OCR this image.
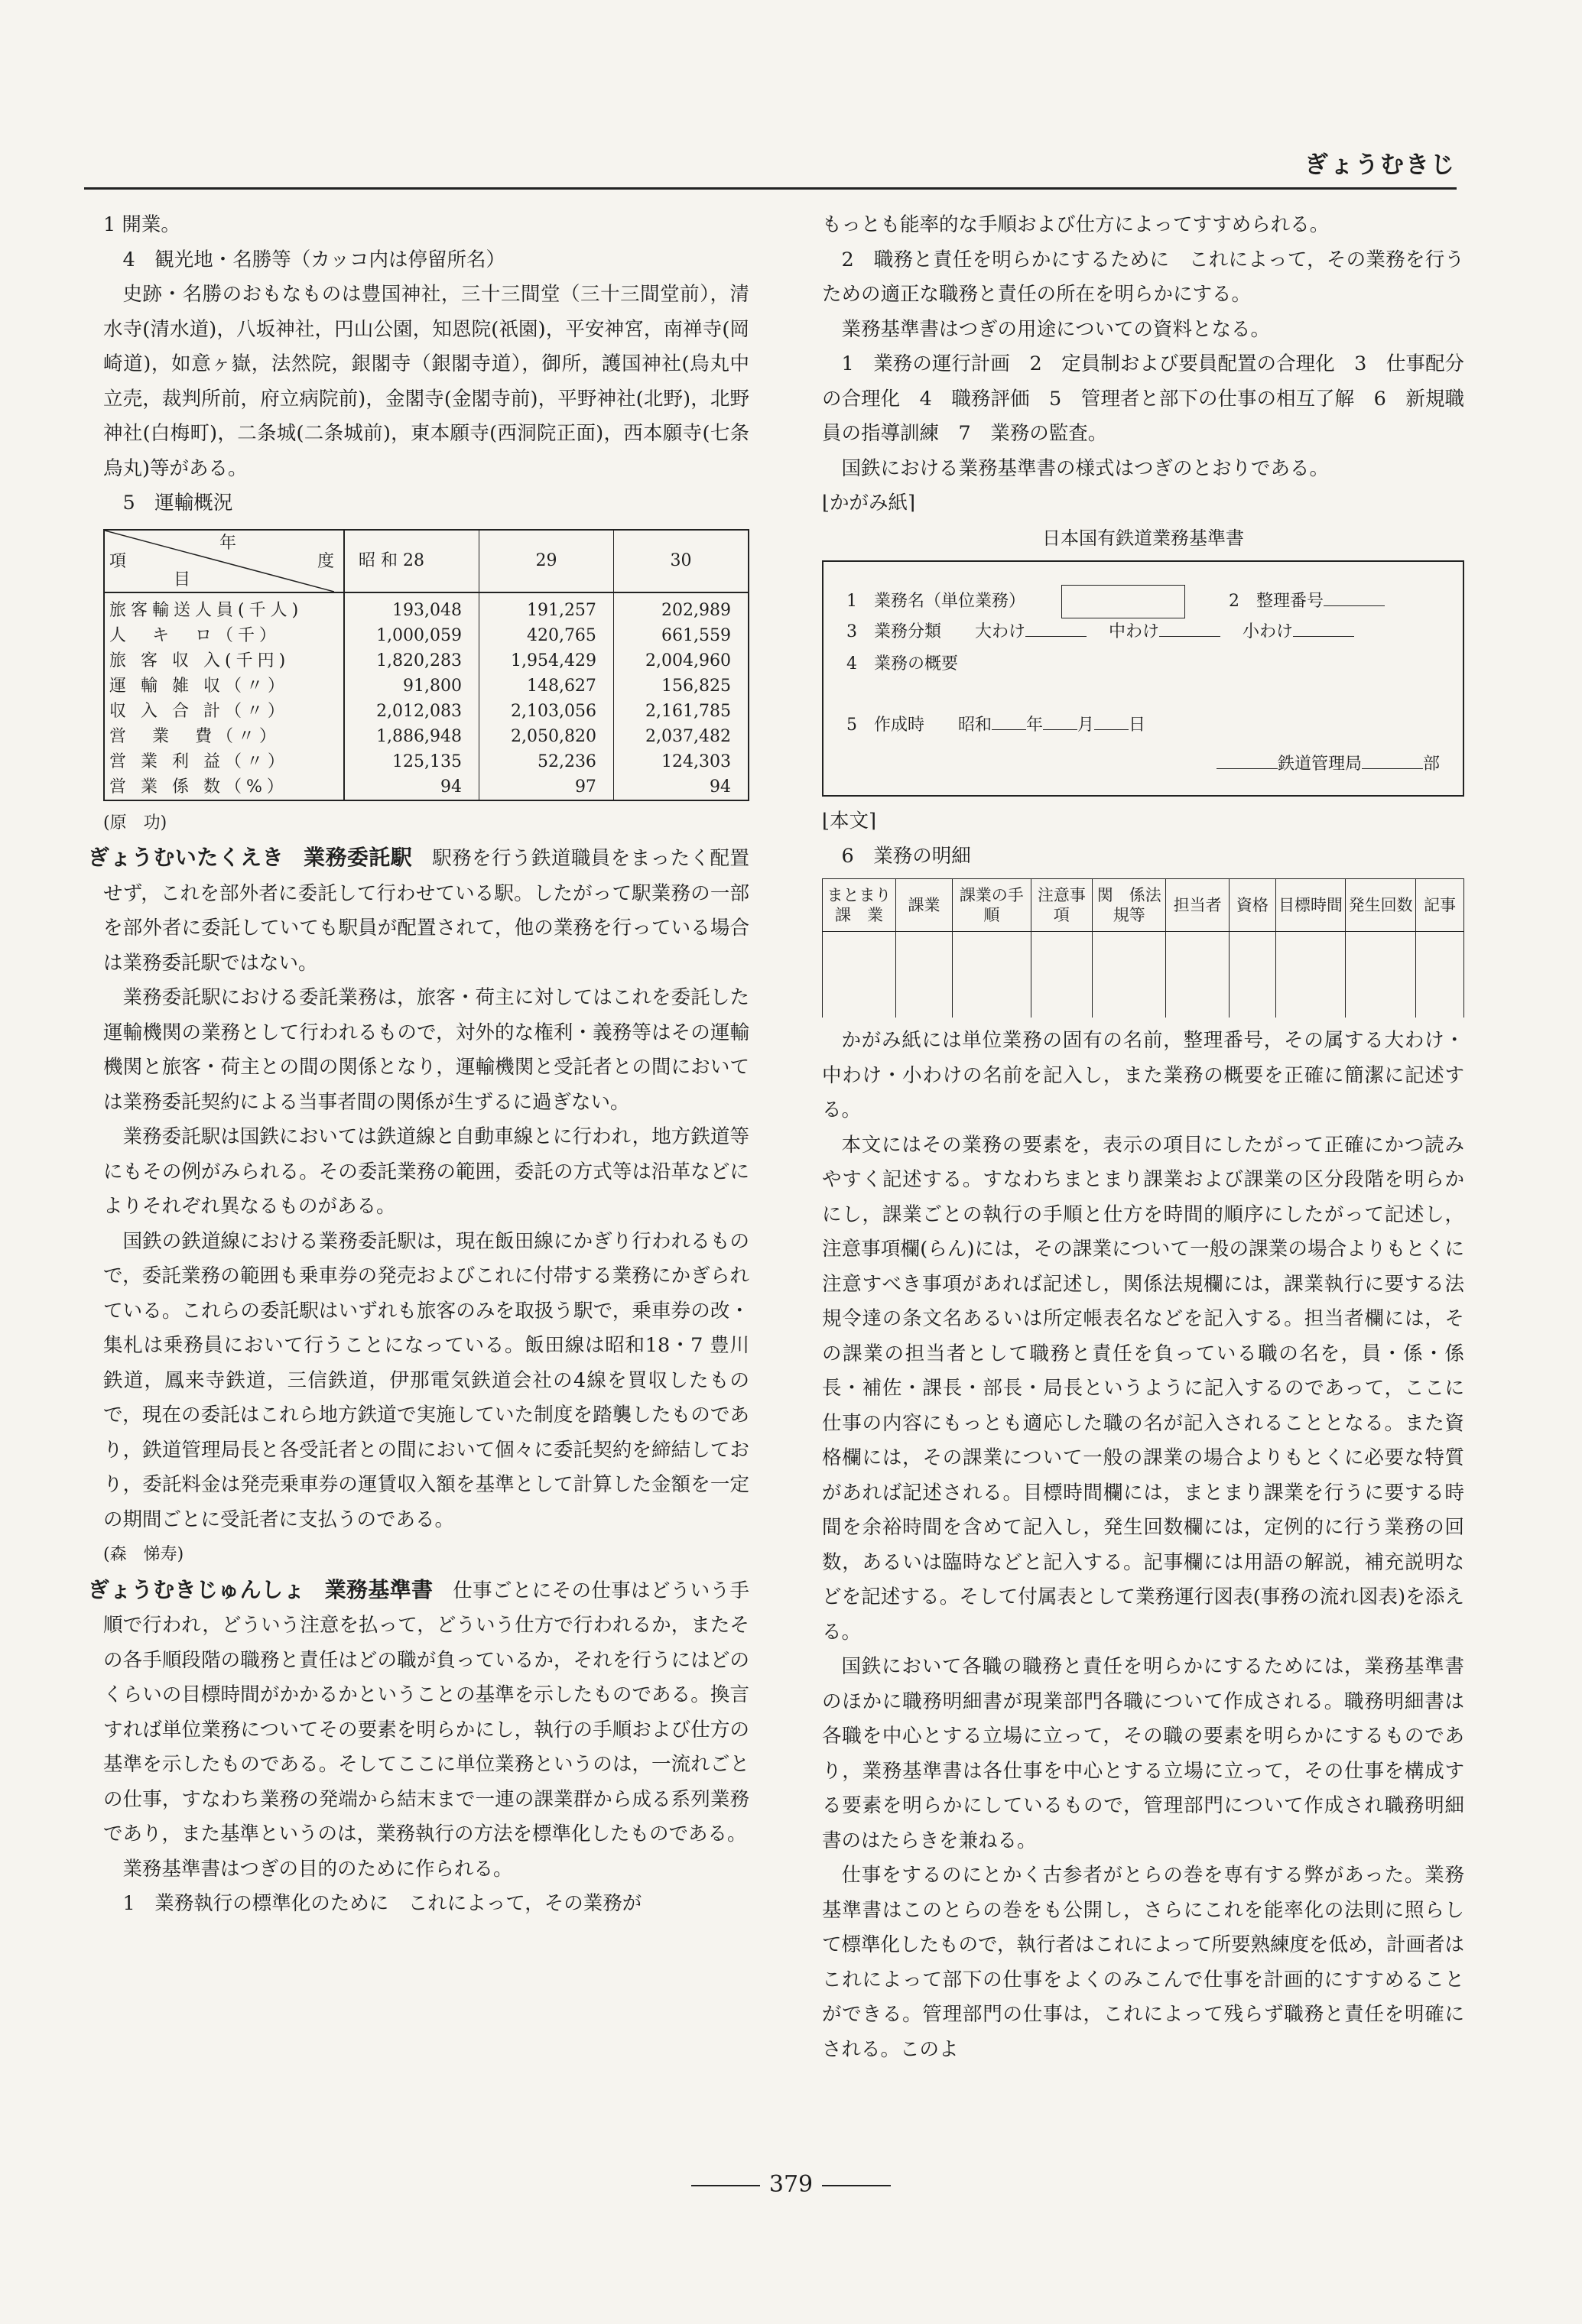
ぎょうむきじ

1 開業。

4　観光地・名勝等（カッコ内は停留所名）

史跡・名勝のおもなものは豊国神社，三十三間堂（三十三間堂前），清水寺(清水道)，八坂神社，円山公園，知恩院(祇園)，平安神宮，南禅寺(岡崎道)，如意ヶ嶽，法然院，銀閣寺（銀閣寺道），御所，護国神社(烏丸中立売，裁判所前，府立病院前)，金閣寺(金閣寺前)，平野神社(北野)，北野神社(白梅町)，二条城(二条城前)，東本願寺(西洞院正面)，西本願寺(七条烏丸)等がある。

5　運輸概況

年
項 度
目	昭 和 28	29	30
旅客輸送人員(千人)	193,048	191,257	202,989
人　キ　ロ（千）	1,000,059	420,765	661,559
旅 客 収 入(千円)	1,820,283	1,954,429	2,004,960
運 輸 雑 収（〃）	91,800	148,627	156,825
収 入 合 計（〃）	2,012,083	2,103,056	2,161,785
営　業　費（〃）	1,886,948	2,050,820	2,037,482
営 業 利 益（〃）	125,135	52,236	124,303
営 業 係 数（%）	94	97	94

(原　功)

ぎょうむいたくえき　 業務委託駅　 駅務を行う鉄道職員をまったく配置せず，これを部外者に委託して行わせている駅。したがって駅業務の一部を部外者に委託していても駅員が配置されて，他の業務を行っている場合は業務委託駅ではない。

業務委託駅における委託業務は，旅客・荷主に対してはこれを委託した運輸機関の業務として行われるもので，対外的な権利・義務等はその運輸機関と旅客・荷主との間の関係となり，運輸機関と受託者との間においては業務委託契約による当事者間の関係が生ずるに過ぎない。

業務委託駅は国鉄においては鉄道線と自動車線とに行われ，地方鉄道等にもその例がみられる。その委託業務の範囲，委託の方式等は沿革などによりそれぞれ異なるものがある。

国鉄の鉄道線における業務委託駅は，現在飯田線にかぎり行われるもので，委託業務の範囲も乗車券の発売およびこれに付帯する業務にかぎられている。これらの委託駅はいずれも旅客のみを取扱う駅で，乗車券の改・集札は乗務員において行うことになっている。飯田線は昭和18・7 豊川鉄道，鳳来寺鉄道，三信鉄道，伊那電気鉄道会社の4線を買収したもので，現在の委託はこれら地方鉄道で実施していた制度を踏襲したものであり，鉄道管理局長と各受託者との間において個々に委託契約を締結しており，委託料金は発売乗車券の運賃収入額を基準として計算した金額を一定の期間ごとに受託者に支払うのである。

(森　悌寿)

ぎょうむきじゅんしょ　 業務基準書　 仕事ごとにその仕事はどういう手順で行われ，どういう注意を払って，どういう仕方で行われるか，またその各手順段階の職務と責任はどの職が負っているか，それを行うにはどのくらいの目標時間がかかるかということの基準を示したものである。換言すれば単位業務についてその要素を明らかにし，執行の手順および仕方の基準を示したものである。そしてここに単位業務というのは，一流れごとの仕事，すなわち業務の発端から結末まで一連の課業群から成る系列業務であり，また基準というのは，業務執行の方法を標準化したものである。

業務基準書はつぎの目的のために作られる。

1　業務執行の標準化のために　これによって，その業務が

もっとも能率的な手順および仕方によってすすめられる。

2　職務と責任を明らかにするために　これによって，その業務を行うための適正な職務と責任の所在を明らかにする。

業務基準書はつぎの用途についての資料となる。

1　業務の運行計画　2　定員制および要員配置の合理化　3　仕事配分の合理化　4　職務評価　5　管理者と部下の仕事の相互了解　6　新規職員の指導訓練　7　業務の監査。

国鉄における業務基準書の様式はつぎのとおりである。

⌊かがみ紙⌉

日本国有鉄道業務基準書

1　業務名（単位業務）	2　整理番号
3　業務分類　　大わけ 　	中わけ 　	小わけ
4　業務の概要
5　作成時　　昭和 年 月 日
鉄道管理局	部

⌊本文⌉

6　業務の明細

まとまり課　業	課業	課業の手　順	注意事項	関　係法規等	担当者	資格	目標時間	発生回数	記事

かがみ紙には単位業務の固有の名前，整理番号，その属する大わけ・中わけ・小わけの名前を記入し，また業務の概要を正確に簡潔に記述する。

本文にはその業務の要素を，表示の項目にしたがって正確にかつ読みやすく記述する。すなわちまとまり課業および課業の区分段階を明らかにし，課業ごとの執行の手順と仕方を時間的順序にしたがって記述し，注意事項欄(らん)には，その課業について一般の課業の場合よりもとくに注意すべき事項があれば記述し，関係法規欄には，課業執行に要する法規令達の条文名あるいは所定帳表名などを記入する。担当者欄には，その課業の担当者として職務と責任を負っている職の名を，員・係・係長・補佐・課長・部長・局長というように記入するのであって，ここに仕事の内容にもっとも適応した職の名が記入されることとなる。また資格欄には，その課業について一般の課業の場合よりもとくに必要な特質があれば記述される。目標時間欄には，まとまり課業を行うに要する時間を余裕時間を含めて記入し，発生回数欄には，定例的に行う業務の回数，あるいは臨時などと記入する。記事欄には用語の解説，補充説明などを記述する。そして付属表として業務運行図表(事務の流れ図表)を添える。

国鉄において各職の職務と責任を明らかにするためには，業務基準書のほかに職務明細書が現業部門各職について作成される。職務明細書は各職を中心とする立場に立って，その職の要素を明らかにするものであり，業務基準書は各仕事を中心とする立場に立って，その仕事を構成する要素を明らかにしているもので，管理部門について作成され職務明細書のはたらきを兼ねる。

仕事をするのにとかく古参者がとらの巻を専有する弊があった。業務基準書はこのとらの巻をも公開し，さらにこれを能率化の法則に照らして標準化したもので，執行者はこれによって所要熟練度を低め，計画者はこれによって部下の仕事をよくのみこんで仕事を計画的にすすめることができる。管理部門の仕事は，これによって残らず職務と責任を明確にされる。このよ

379
